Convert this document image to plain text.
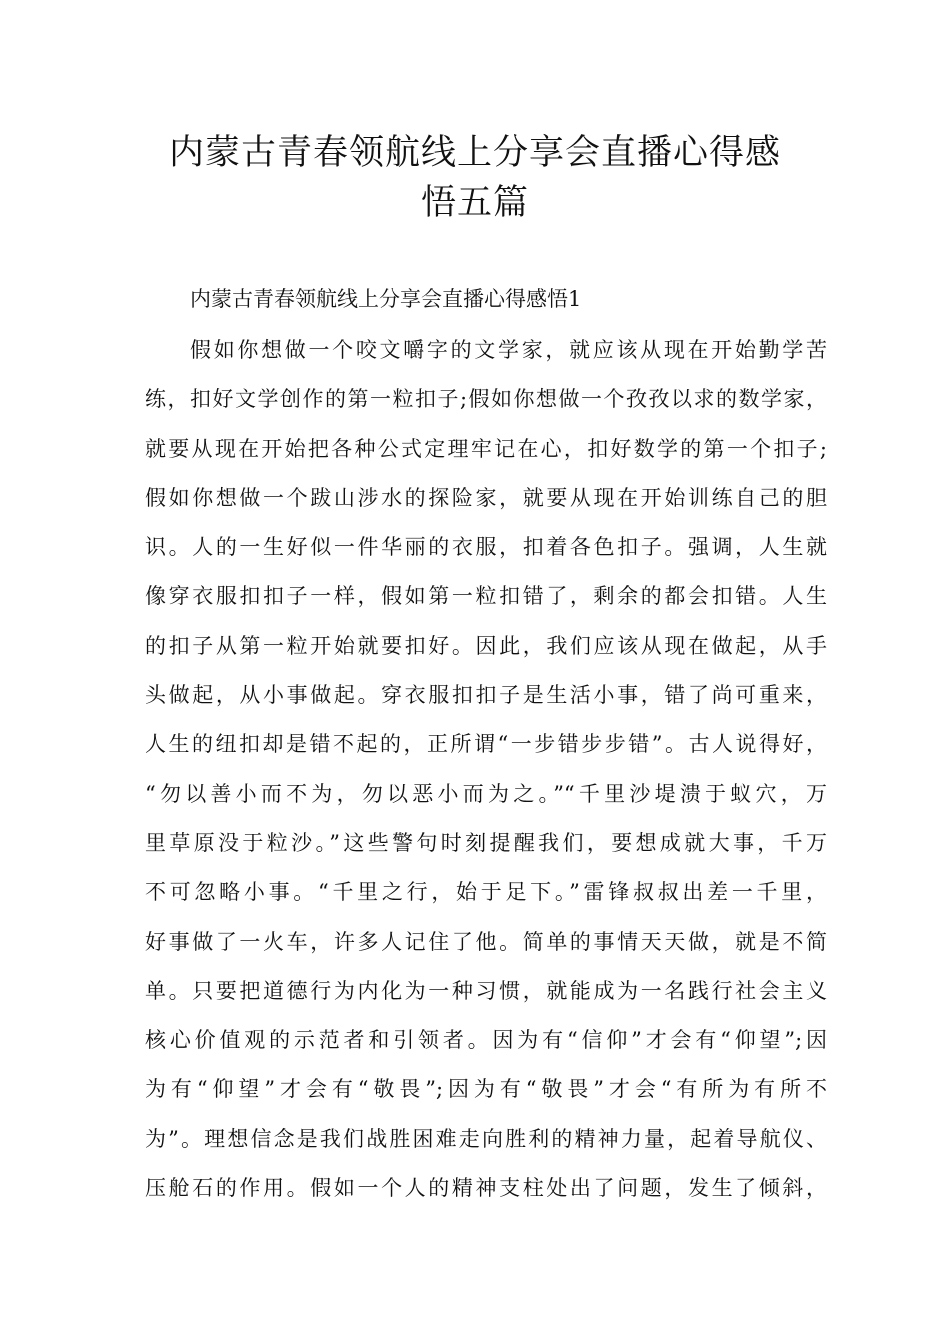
内蒙古青春领航线上分享会直播心得感
悟五篇

内蒙古青春领航线上分享会直播心得感悟1

假如你想做一个咬文嚼字的文学家，就应该从现在开始勤学苦
练，扣好文学创作的第一粒扣子;假如你想做一个孜孜以求的数学家，
就要从现在开始把各种公式定理牢记在心，扣好数学的第一个扣子;
假如你想做一个跋山涉水的探险家，就要从现在开始训练自己的胆
识。人的一生好似一件华丽的衣服，扣着各色扣子。强调，人生就
像穿衣服扣扣子一样，假如第一粒扣错了，剩余的都会扣错。人生
的扣子从第一粒开始就要扣好。因此，我们应该从现在做起，从手
头做起，从小事做起。穿衣服扣扣子是生活小事，错了尚可重来，
人生的纽扣却是错不起的，正所谓“一步错步步错”。古人说得好，
“勿以善小而不为，勿以恶小而为之。”“千里沙堤溃于蚁穴，万
里草原没于粒沙。”这些警句时刻提醒我们，要想成就大事，千万
不可忽略小事。“千里之行，始于足下。”雷锋叔叔出差一千里，
好事做了一火车，许多人记住了他。简单的事情天天做，就是不简
单。只要把道德行为内化为一种习惯，就能成为一名践行社会主义
核心价值观的示范者和引领者。因为有“信仰”才会有“仰望”;因
为有“仰望”才会有“敬畏”;因为有“敬畏”才会“有所为有所不
为”。理想信念是我们战胜困难走向胜利的精神力量，起着导航仪、
压舱石的作用。假如一个人的精神支柱处出了问题，发生了倾斜，
